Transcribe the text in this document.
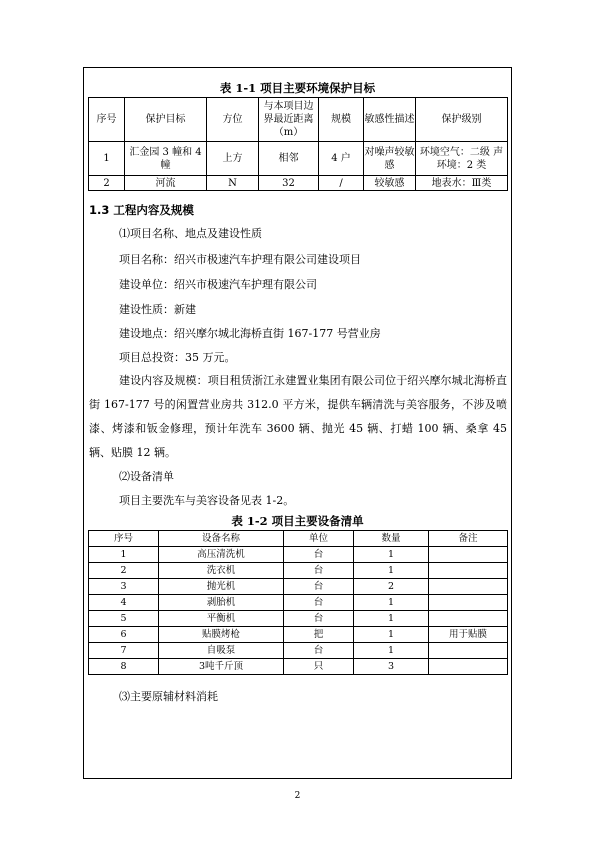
表 1-1 项目主要环境保护目标
序号	保护目标	方位	与本项目边界最近距离（m）	规模	敏感性描述	保护级别
1	汇金园 3 幢和 4 幢	上方	相邻	4 户	对噪声较敏感	环境空气：二级 声环境：2 类
2	河流	N	32	/	较敏感	地表水：Ⅲ类
1.3 工程内容及规模
⑴项目名称、地点及建设性质
项目名称：绍兴市极速汽车护理有限公司建设项目
建设单位：绍兴市极速汽车护理有限公司
建设性质：新建
建设地点：绍兴摩尔城北海桥直街 167-177 号营业房
项目总投资：35 万元。
建设内容及规模：项目租赁浙江永建置业集团有限公司位于绍兴摩尔城北海桥直街 167-177 号的闲置营业房共 312.0 平方米，提供车辆清洗与美容服务，不涉及喷漆、烤漆和钣金修理，预计年洗车 3600 辆、抛光 45 辆、打蜡 100 辆、桑拿 45 辆、贴膜 12 辆。
⑵设备清单
项目主要洗车与美容设备见表 1-2。
表 1-2 项目主要设备清单
序号	设备名称	单位	数量	备注
1	高压清洗机	台	1	
2	洗衣机	台	1	
3	抛光机	台	2	
4	剥胎机	台	1	
5	平衡机	台	1	
6	贴膜烤枪	把	1	用于贴膜
7	自吸泵	台	1	
8	3吨千斤顶	只	3	
⑶主要原辅材料消耗
2
